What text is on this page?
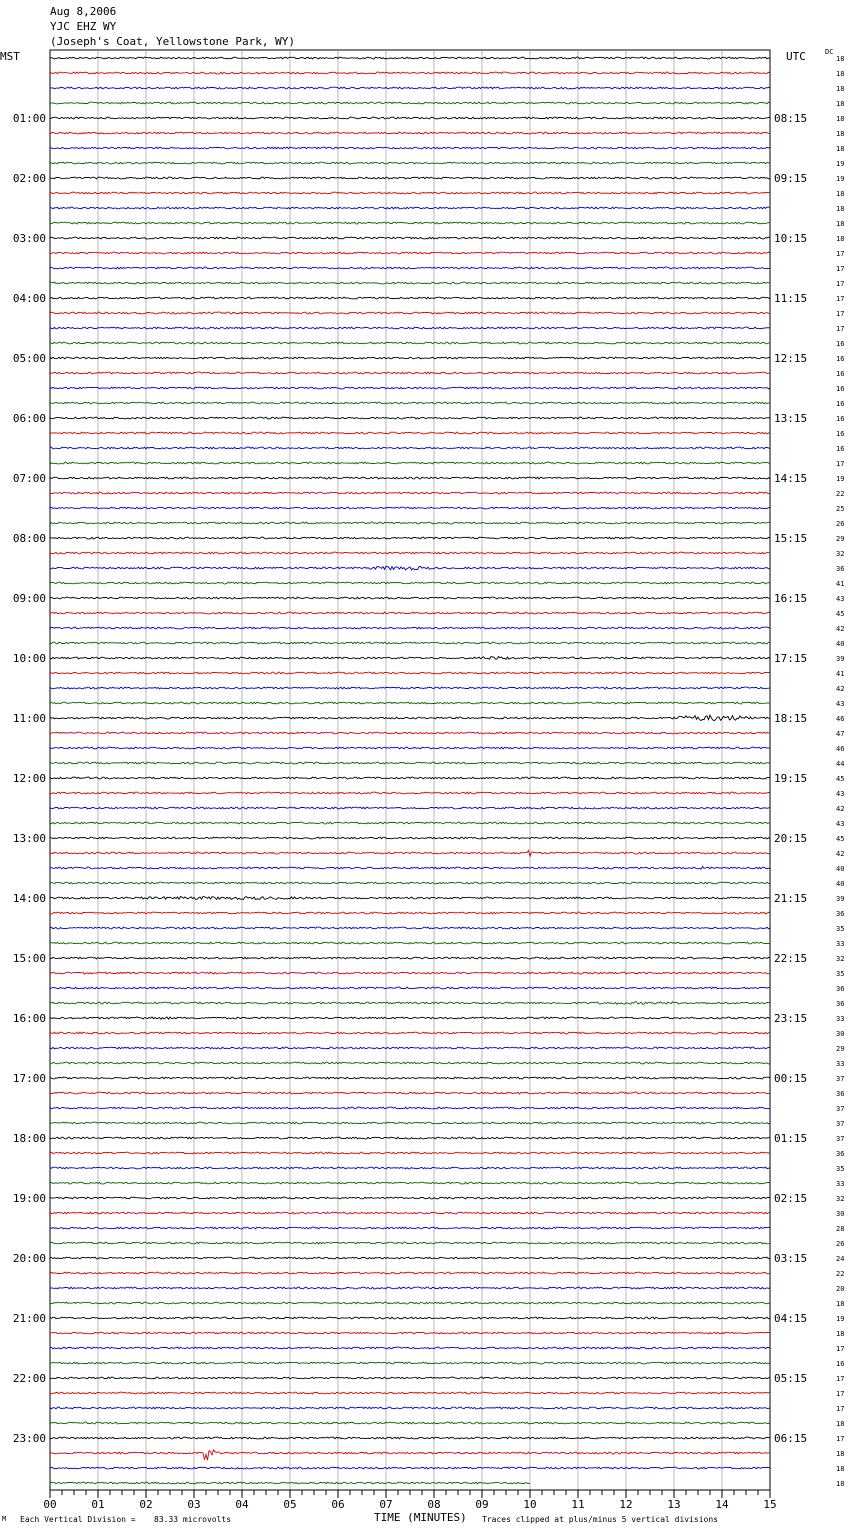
Aug 8,2006
YJC EHZ WY
(Joseph's Coat, Yellowstone Park, WY)
MST	UTC	DC
00	01	02	03	04	05	06	07	08	09	10	11	12	13	14	15
18
18
18
18
18
18
18
19
19
18
18
18
18
17
17
17
17
17
17
16
16
16
16
16
16
16
16
17
19
22
25
26
29
32
36
41
43
45
42
40
39
41
42
43
46
47
46
44
45
43
42
43
45
42
40
40
39
36
35
33
32
35
36
36
33
30
29
33
37
36
37
37
37
36
35
33
32
30
28
26
24
22
20
18
19
18
17
16
17
17
17
18
17
18
18
18
01:00	08:15
02:00	09:15
03:00	10:15
04:00	11:15
05:00	12:15
06:00	13:15
07:00	14:15
08:00	15:15
09:00	16:15
10:00	17:15
11:00	18:15
12:00	19:15
13:00	20:15
14:00	21:15
15:00	22:15
16:00	23:15
17:00	00:15
18:00	01:15
19:00	02:15
20:00	03:15
21:00	04:15
22:00	05:15
23:00	06:15
M Each Vertical Division = 83.33 microvolts	TIME (MINUTES) Traces clipped at plus/minus 5 vertical divisions
